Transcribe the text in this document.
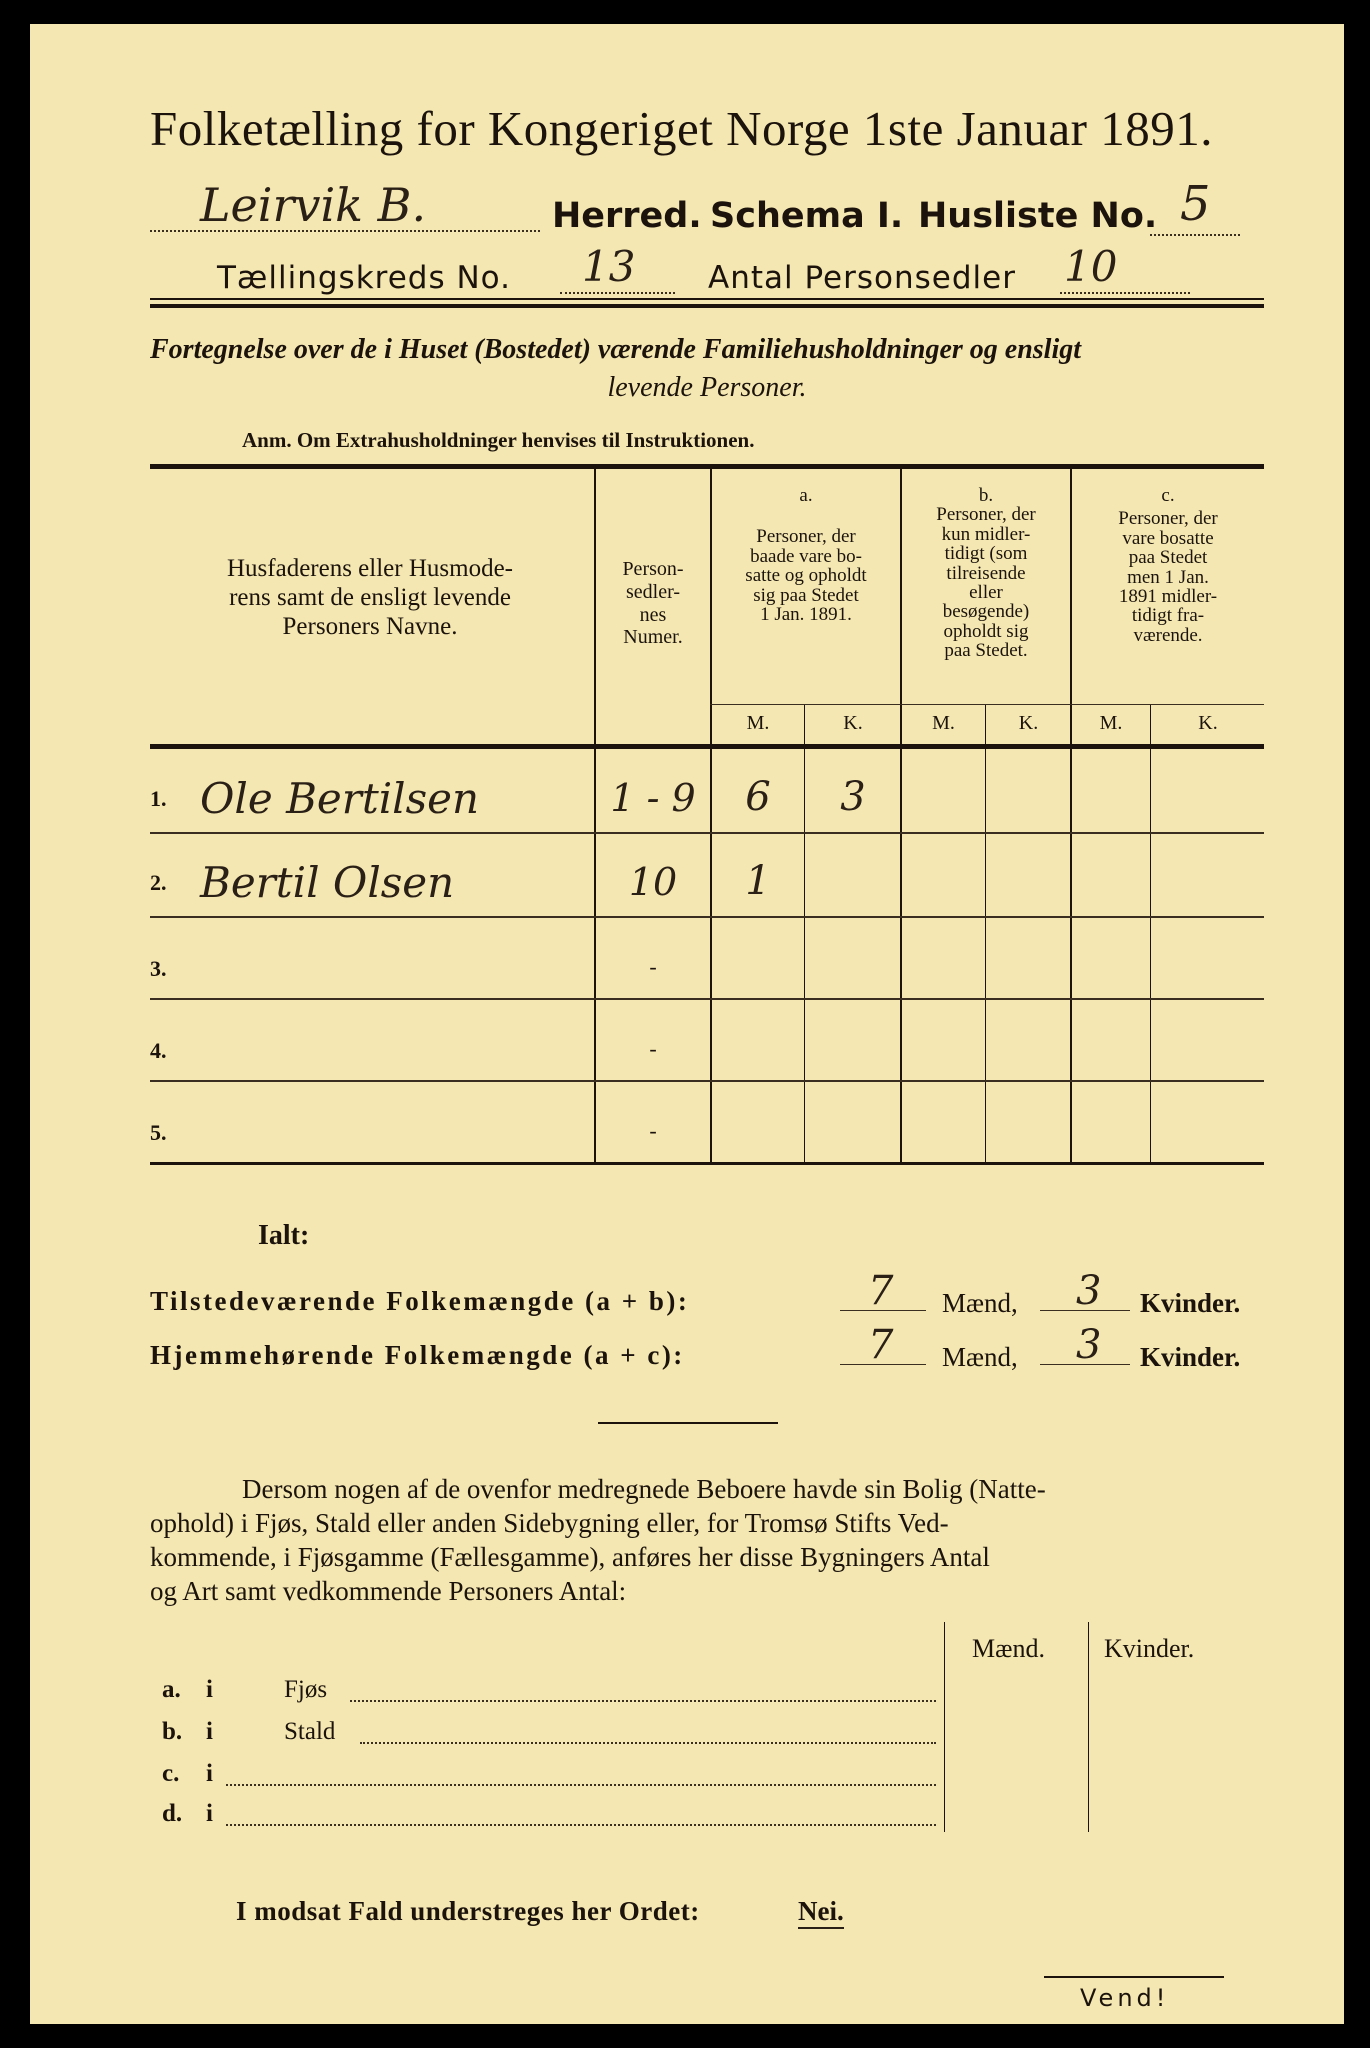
Folketælling for Kongeriget Norge 1ste Januar 1891.
Leirvik B.	Herred. Schema I. Husliste No. 5
Tællingskreds No. 13 Antal Personsedler 10
Fortegnelse over de i Huset (Bostedet) værende Familiehusholdninger og ensligt
levende Personer.
Anm. Om Extrahusholdninger henvises til Instruktionen.
Husfaderens eller Husmode-
rens samt de ensligt levende
Personers Navne.
Person-
sedler-
nes
Numer.
a.
Personer, der
baade vare bo-
satte og opholdt
sig paa Stedet
1 Jan. 1891.
b.
Personer, der
kun midler-
tidigt (som
tilreisende
eller
besøgende)
opholdt sig
paa Stedet.
c.
Personer, der
vare bosatte
paa Stedet
men 1 Jan.
1891 midler-
tidigt fra-
værende.
M.	K.	M.	K.	M.	K.
1. Ole Bertilsen	1 - 9	6	3
2. Bertil Olsen	10	1
3.	-
4.	-
5.	-
Ialt:
Tilstedeværende Folkemængde (a + b):	7 Mænd, 3 Kvinder.
Hjemmehørende Folkemængde (a + c):	7 Mænd, 3 Kvinder.
Dersom nogen af de ovenfor medregnede Beboere havde sin Bolig (Natte-
ophold) i Fjøs, Stald eller anden Sidebygning eller, for Tromsø Stifts Ved-
kommende, i Fjøsgamme (Fællesgamme), anføres her disse Bygningers Antal
og Art samt vedkommende Personers Antal:
Mænd. Kvinder.
a. i	Fjøs
b. i	Stald
c. i
d. i
I modsat Fald understreges her Ordet:	Nei.
Vend!
